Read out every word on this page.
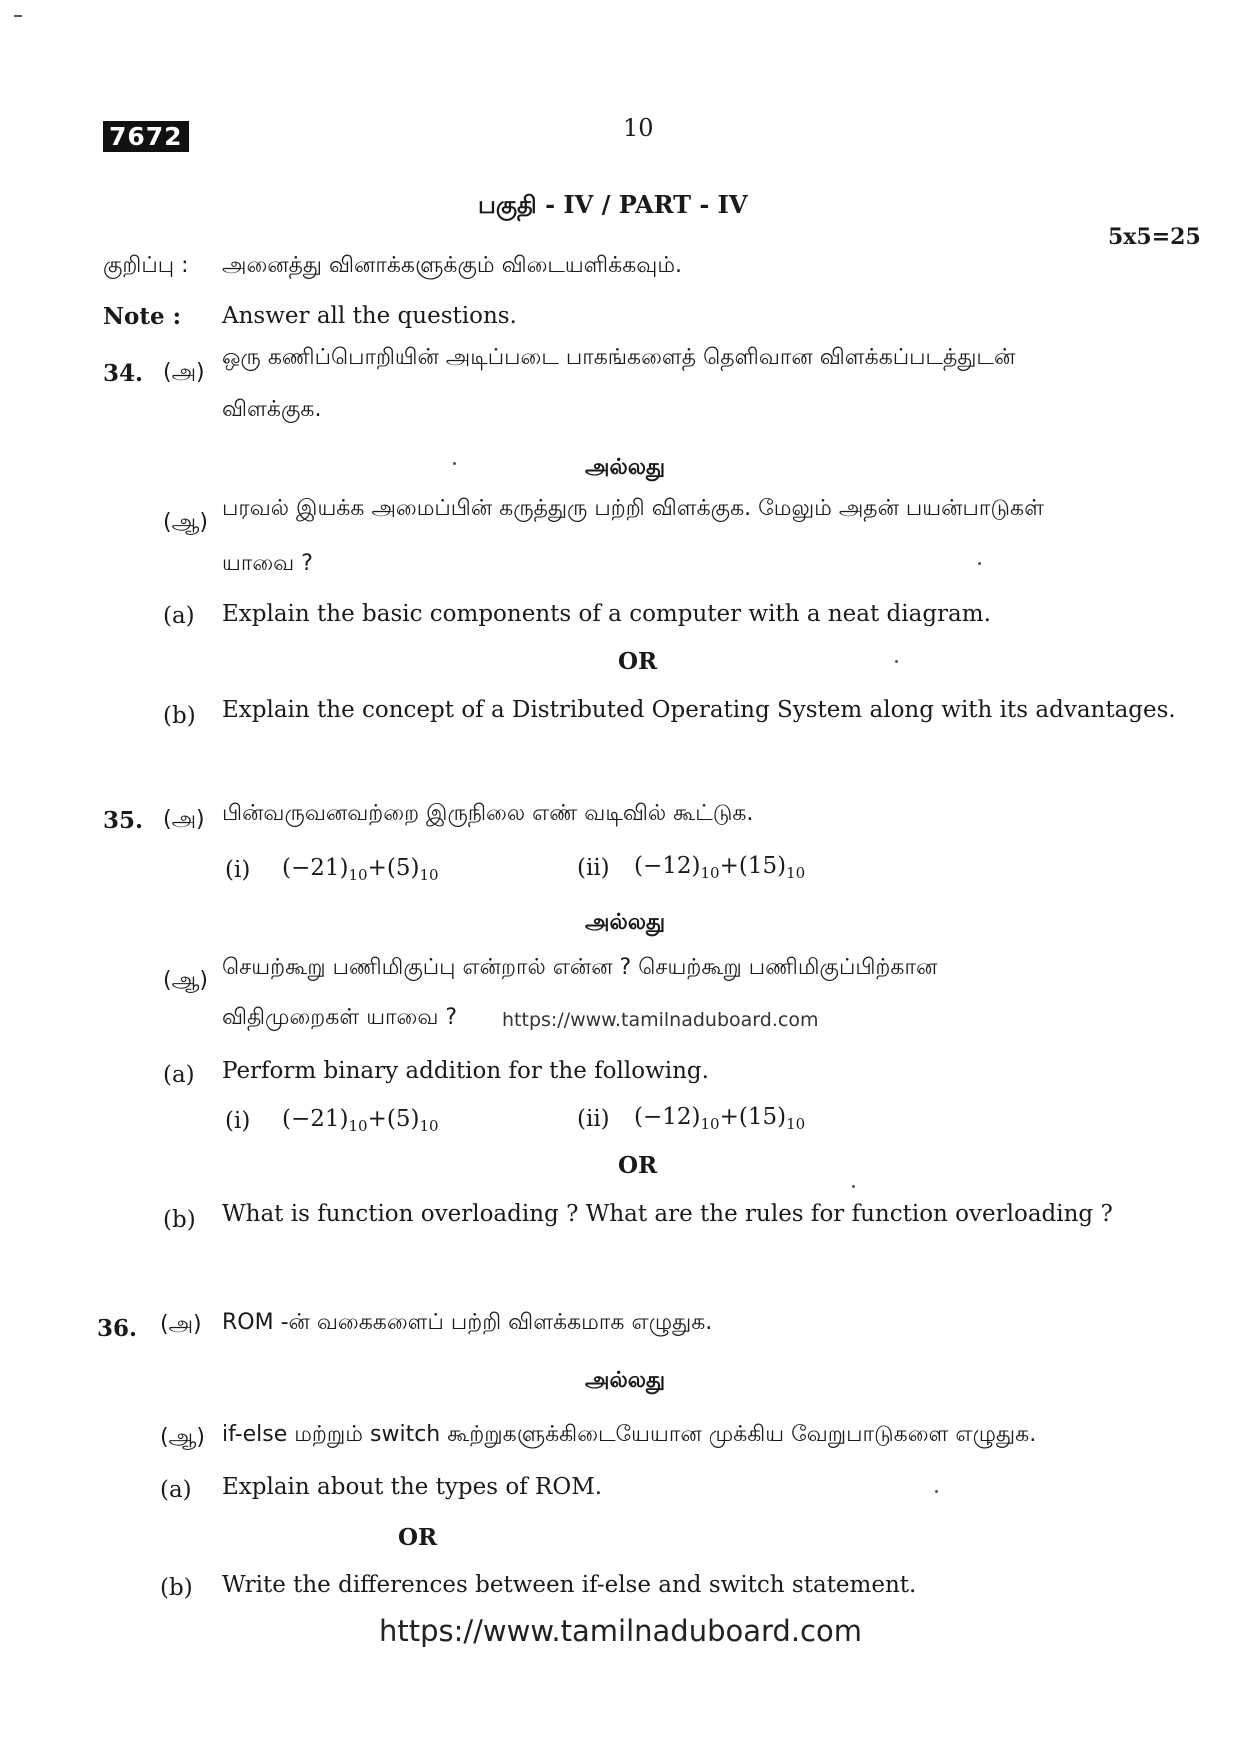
7672	10
பகுதி - IV / PART - IV
5x5=25
குறிப்பு : அனைத்து வினாக்களுக்கும் விடையளிக்கவும்.
Note : Answer all the questions.
34. (அ)
ஒரு கணிப்பொறியின் அடிப்படை பாகங்களைத் தெளிவான விளக்கப்படத்துடன்
விளக்குக.
அல்லது
(ஆ)
பரவல் இயக்க அமைப்பின் கருத்துரு பற்றி விளக்குக. மேலும் அதன் பயன்பாடுகள்
யாவை ?
(a) Explain the basic components of a computer with a neat diagram.
OR
(b) Explain the concept of a Distributed Operating System along with its advantages.
35. (அ) பின்வருவனவற்றை இருநிலை எண் வடிவில் கூட்டுக.
(i) $(-21)_{10}+(5)_{10}$	(ii) $(-12)_{10}+(15)_{10}$
அல்லது
(ஆ)
செயற்கூறு பணிமிகுப்பு என்றால் என்ன ? செயற்கூறு பணிமிகுப்பிற்கான
விதிமுறைகள் யாவை ? https://www.tamilnaduboard.com
(a) Perform binary addition for the following.
(i) $(-21)_{10}+(5)_{10}$	(ii) $(-12)_{10}+(15)_{10}$
OR
(b) What is function overloading ? What are the rules for function overloading ?
36. (அ) ROM -ன் வகைகளைப் பற்றி விளக்கமாக எழுதுக.
அல்லது
(ஆ) if-else மற்றும் switch கூற்றுகளுக்கிடையேயான முக்கிய வேறுபாடுகளை எழுதுக.
(a) Explain about the types of ROM.
OR
(b) Write the differences between if-else and switch statement.
https://www.tamilnaduboard.com
